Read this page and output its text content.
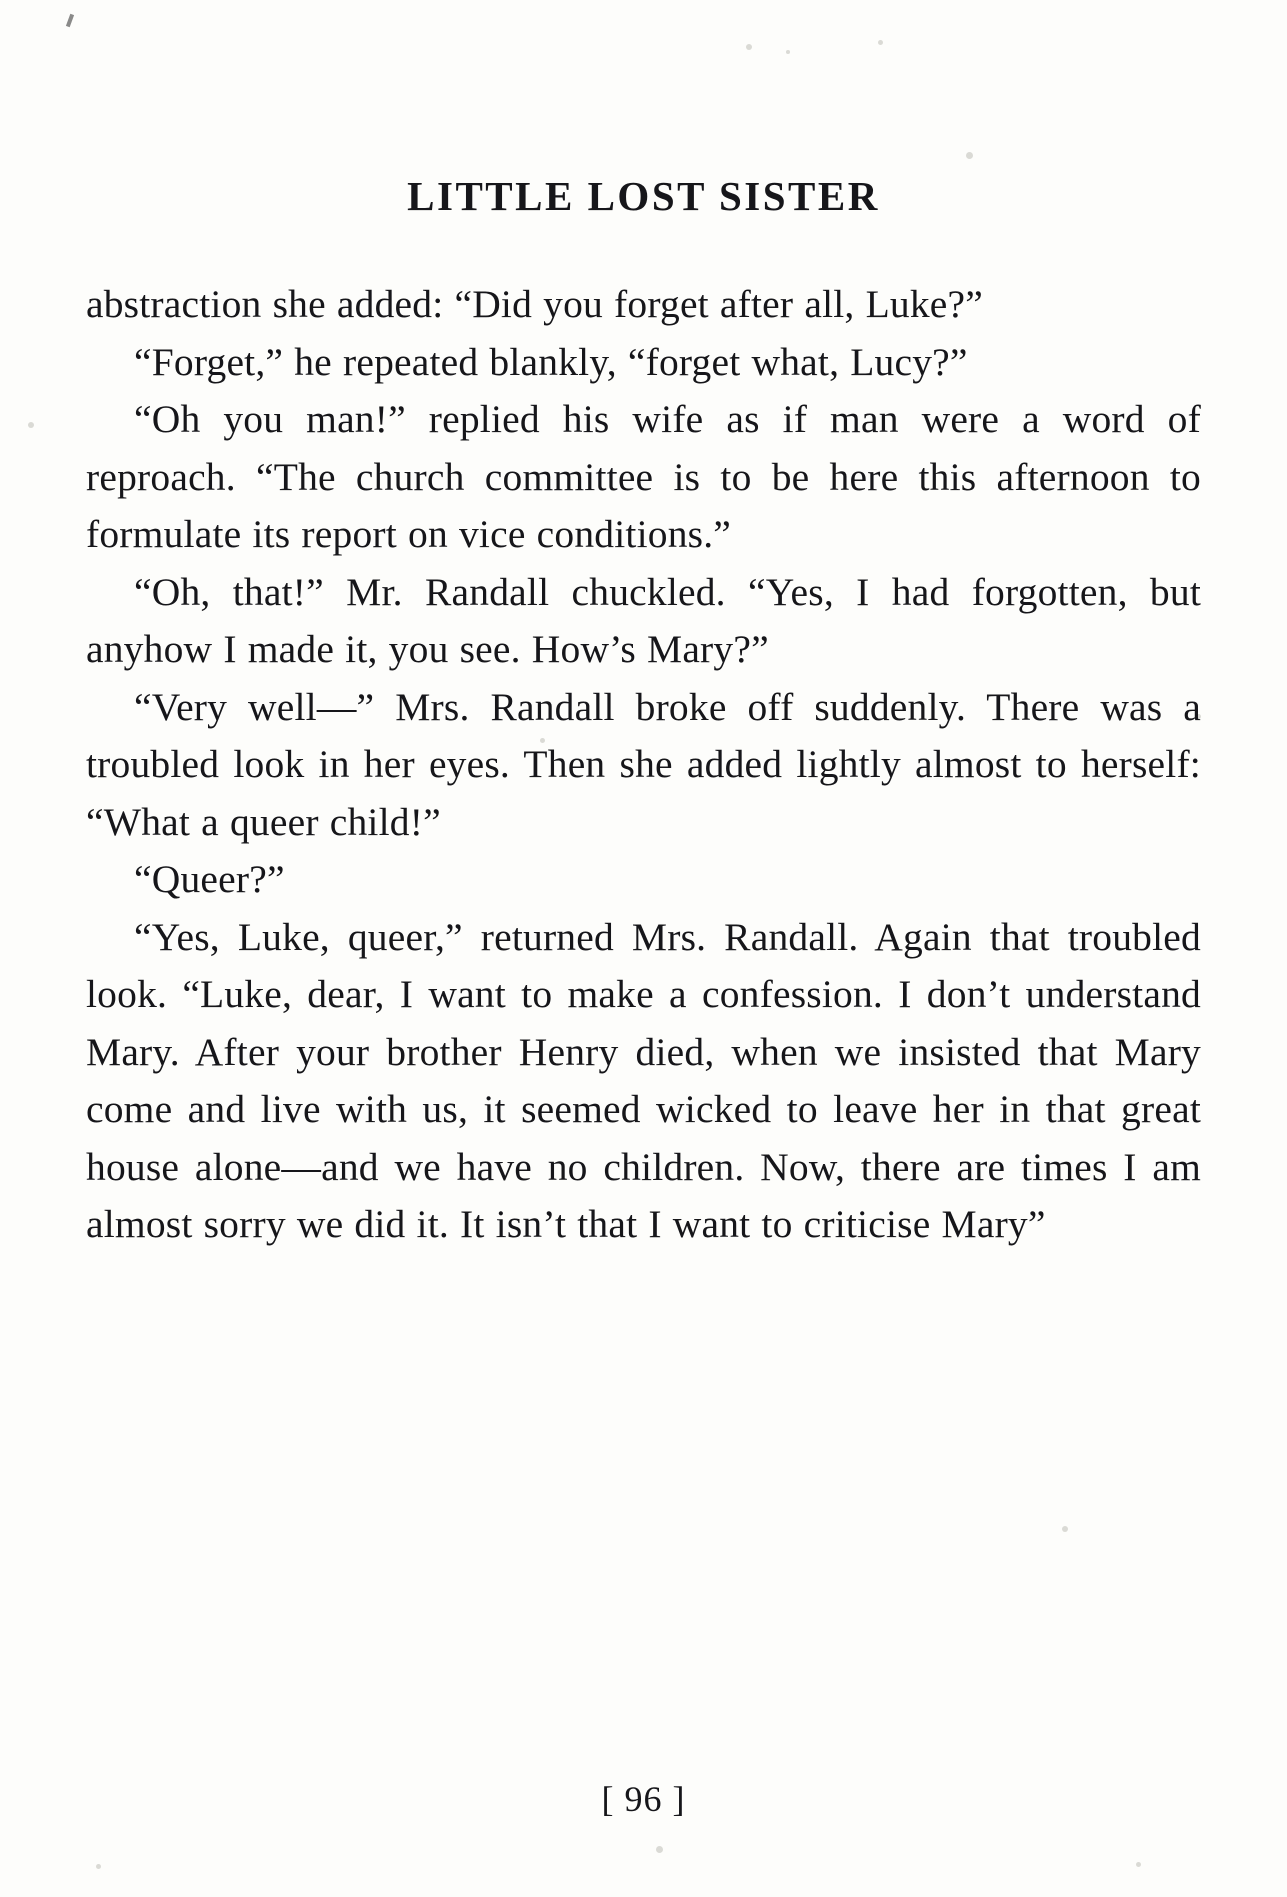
LITTLE LOST SISTER

abstraction she added: “Did you forget after all, Luke?”

“Forget,” he repeated blankly, “forget what, Lucy?”

“Oh you man!” replied his wife as if man were a word of reproach. “The church committee is to be here this afternoon to formulate its report on vice conditions.”

“Oh, that!” Mr. Randall chuckled. “Yes, I had forgotten, but anyhow I made it, you see. How’s Mary?”

“Very well—” Mrs. Randall broke off suddenly. There was a troubled look in her eyes. Then she added lightly almost to herself: “What a queer child!”

“Queer?”

“Yes, Luke, queer,” returned Mrs. Randall. Again that troubled look. “Luke, dear, I want to make a confession. I don’t understand Mary. After your brother Henry died, when we insisted that Mary come and live with us, it seemed wicked to leave her in that great house alone—and we have no children. Now, there are times I am almost sorry we did it. It isn’t that I want to criticise Mary”

[ 96 ]
